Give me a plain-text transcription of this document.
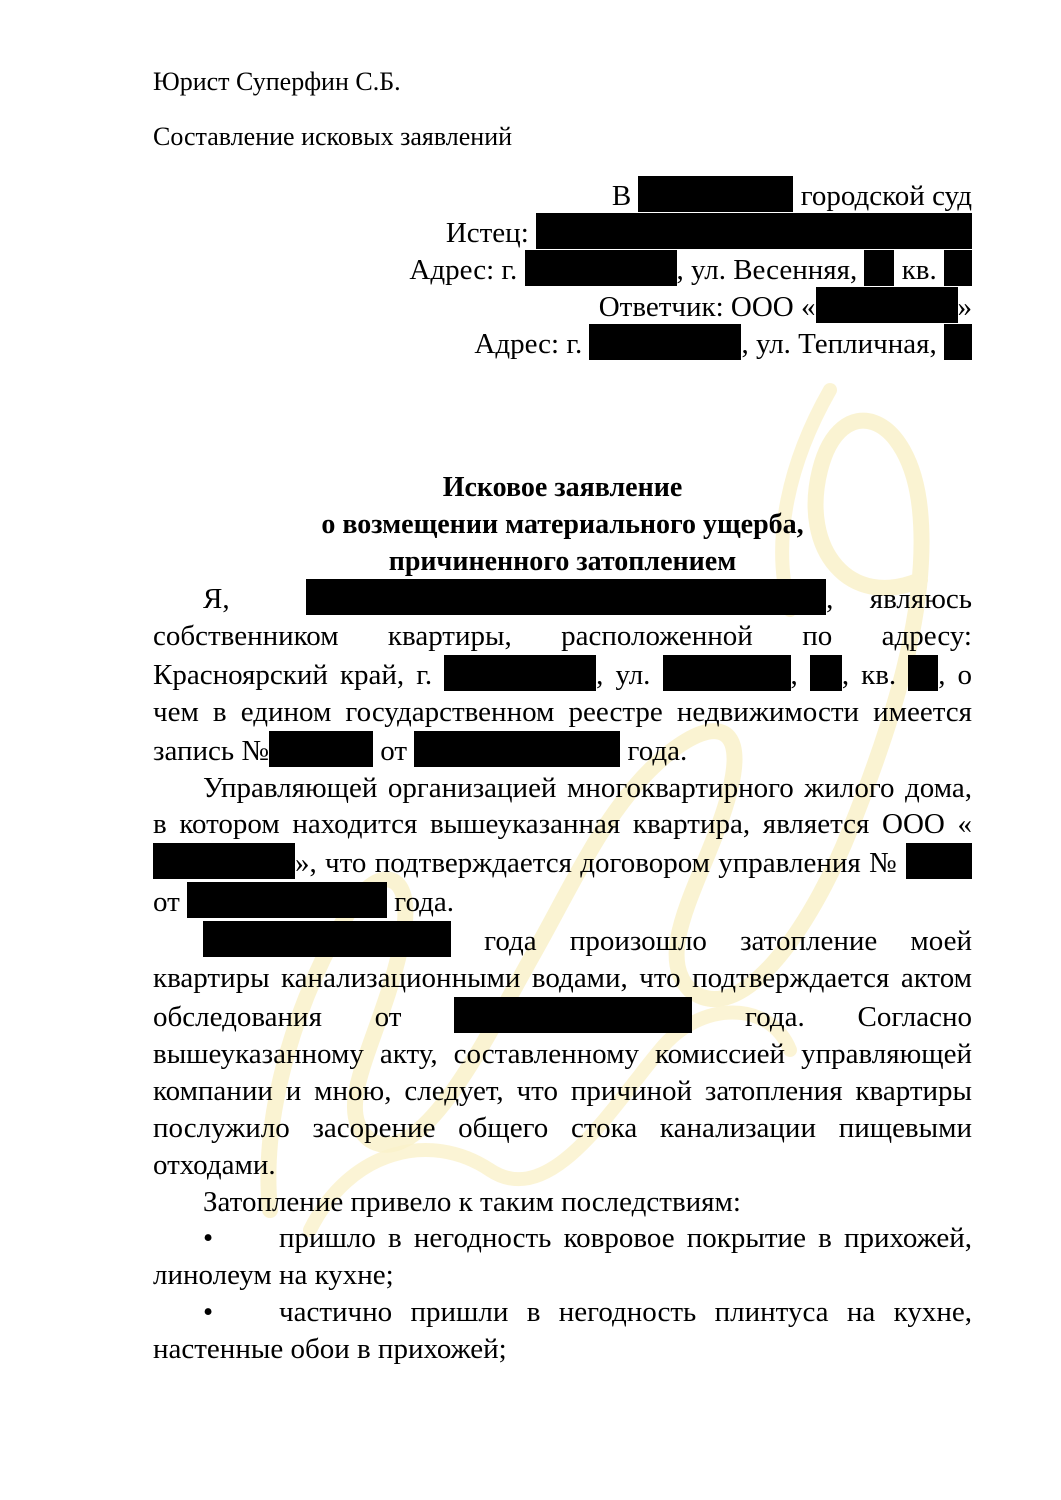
Юрист Суперфин С.Б.
Составление исковых заявлений
В	городской суд
Истец:
Адрес: г.	, ул. Весенняя, кв.
Ответчик: ООО «	»
Адрес: г.	, ул. Тепличная,
Исковое заявление
о возмещении материального ущерба,
причиненного затоплением

Я,	, являюсь собственником квартиры, расположенной по адресу: Красноярский край, г.	, ул.	, , кв. , о чем в едином государственном реестре недвижимости имеется запись №	от	года.

Управляющей организацией многоквартирного жилого дома, в котором находится вышеуказанная квартира, является ООО «», что подтверждается договором управления №  от	года.

года произошло затопление моей квартиры канализационными водами, что подтверждается актом обследования от	года. Согласно вышеуказанному акту, составленному комиссией управляющей компании и мною, следует, что причиной затопления квартиры послужило засорение общего стока канализации пищевыми отходами.

Затопление привело к таким последствиям:

• пришло в негодность ковровое покрытие в прихожей, линолеум на кухне;

• частично пришли в негодность плинтуса на кухне, настенные обои в прихожей;
